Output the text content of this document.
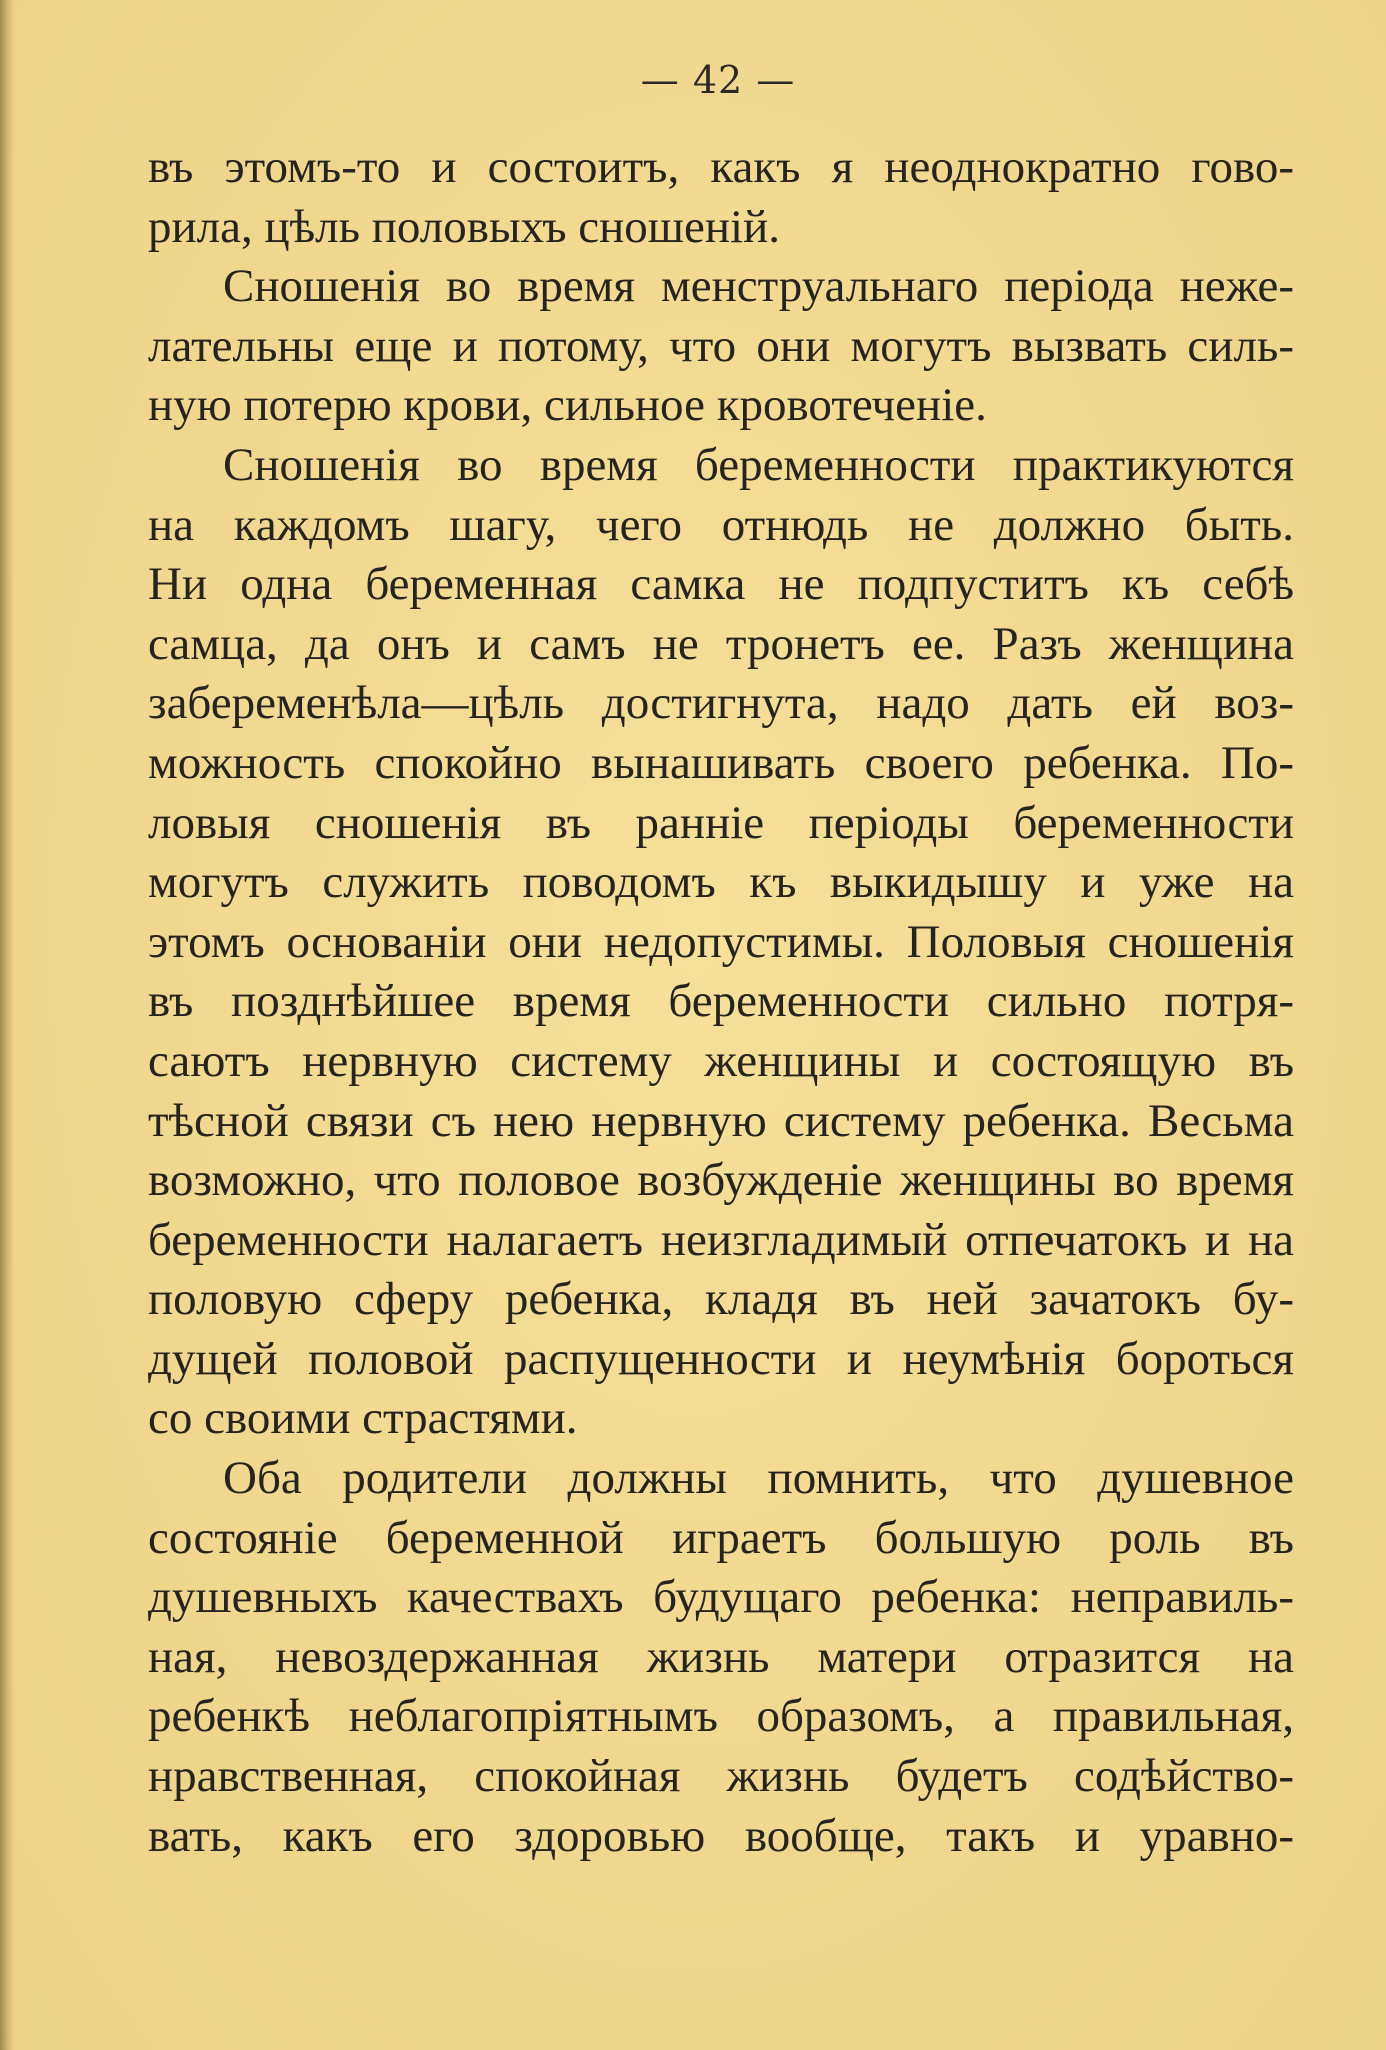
— 42 —
въ этомъ-то и состоитъ, какъ я неоднократно гово-
рила, цѣль половыхъ сношеній.
Сношенія во время менструальнаго періода неже-
лательны еще и потому, что они могутъ вызвать силь-
ную потерю крови, сильное кровотеченіе.
Сношенія во время беременности практикуются
на каждомъ шагу, чего отнюдь не должно быть.
Ни одна беременная самка не подпуститъ къ себѣ
самца, да онъ и самъ не тронетъ ее. Разъ женщина
забеременѣла—цѣль достигнута, надо дать ей воз-
можность спокойно вынашивать своего ребенка. По-
ловыя сношенія въ ранніе періоды беременности
могутъ служить поводомъ къ выкидышу и уже на
этомъ основаніи они недопустимы. Половыя сношенія
въ позднѣйшее время беременности сильно потря-
саютъ нервную систему женщины и состоящую въ
тѣсной связи съ нею нервную систему ребенка. Весьма
возможно, что половое возбужденіе женщины во время
беременности налагаетъ неизгладимый отпечатокъ и на
половую сферу ребенка, кладя въ ней зачатокъ бу-
дущей половой распущенности и неумѣнія бороться
со своими страстями.
Оба родители должны помнить, что душевное
состояніе беременной играетъ большую роль въ
душевныхъ качествахъ будущаго ребенка: неправиль-
ная, невоздержанная жизнь матери отразится на
ребенкѣ неблагопріятнымъ образомъ, а правильная,
нравственная, спокойная жизнь будетъ содѣйство-
вать, какъ его здоровью вообще, такъ и уравно-
